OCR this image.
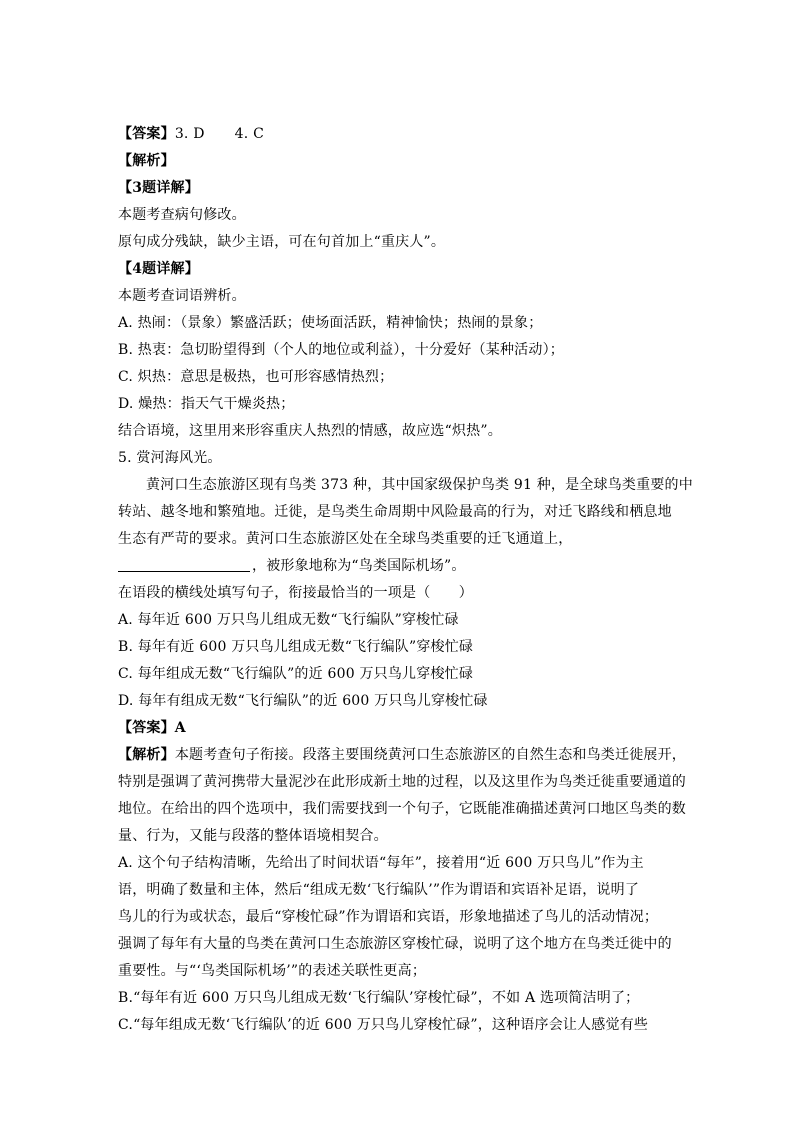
【答案】3. D 4. C
【解析】
【3题详解】
本题考查病句修改。
原句成分残缺，缺少主语，可在句首加上“重庆人”。
【4题详解】
本题考查词语辨析。
A. 热闹：（景象）繁盛活跃；使场面活跃，精神愉快；热闹的景象；
B. 热衷：急切盼望得到（个人的地位或利益），十分爱好（某种活动）；
C. 炽热：意思是极热，也可形容感情热烈；
D. 燥热：指天气干燥炎热；
结合语境，这里用来形容重庆人热烈的情感，故应选“炽热”。
5. 赏河海风光。
黄河口生态旅游区现有鸟类 373 种，其中国家级保护鸟类 91 种，是全球鸟类重要的中
转站、越冬地和繁殖地。迁徙，是鸟类生命周期中风险最高的行为，对迁飞路线和栖息地
生态有严苛的要求。黄河口生态旅游区处在全球鸟类重要的迁飞通道上，
，被形象地称为“鸟类国际机场”。
在语段的横线处填写句子，衔接最恰当的一项是（　　）
A. 每年近 600 万只鸟儿组成无数“飞行编队”穿梭忙碌
B. 每年有近 600 万只鸟儿组成无数“飞行编队”穿梭忙碌
C. 每年组成无数“飞行编队”的近 600 万只鸟儿穿梭忙碌
D. 每年有组成无数“飞行编队”的近 600 万只鸟儿穿梭忙碌
【答案】A
【解析】本题考查句子衔接。段落主要围绕黄河口生态旅游区的自然生态和鸟类迁徙展开，
特别是强调了黄河携带大量泥沙在此形成新土地的过程，以及这里作为鸟类迁徙重要通道的
地位。在给出的四个选项中，我们需要找到一个句子，它既能准确描述黄河口地区鸟类的数
量、行为，又能与段落的整体语境相契合。
A. 这个句子结构清晰，先给出了时间状语“每年”，接着用“近 600 万只鸟儿”作为主
语，明确了数量和主体，然后“组成无数‘飞行编队’”作为谓语和宾语补足语，说明了
鸟儿的行为或状态，最后“穿梭忙碌”作为谓语和宾语，形象地描述了鸟儿的活动情况；
强调了每年有大量的鸟类在黄河口生态旅游区穿梭忙碌，说明了这个地方在鸟类迁徙中的
重要性。与“‘鸟类国际机场’”的表述关联性更高；
B.“每年有近 600 万只鸟儿组成无数‘飞行编队’穿梭忙碌”，不如 A 选项简洁明了；
C.“每年组成无数‘飞行编队’的近 600 万只鸟儿穿梭忙碌”，这种语序会让人感觉有些
